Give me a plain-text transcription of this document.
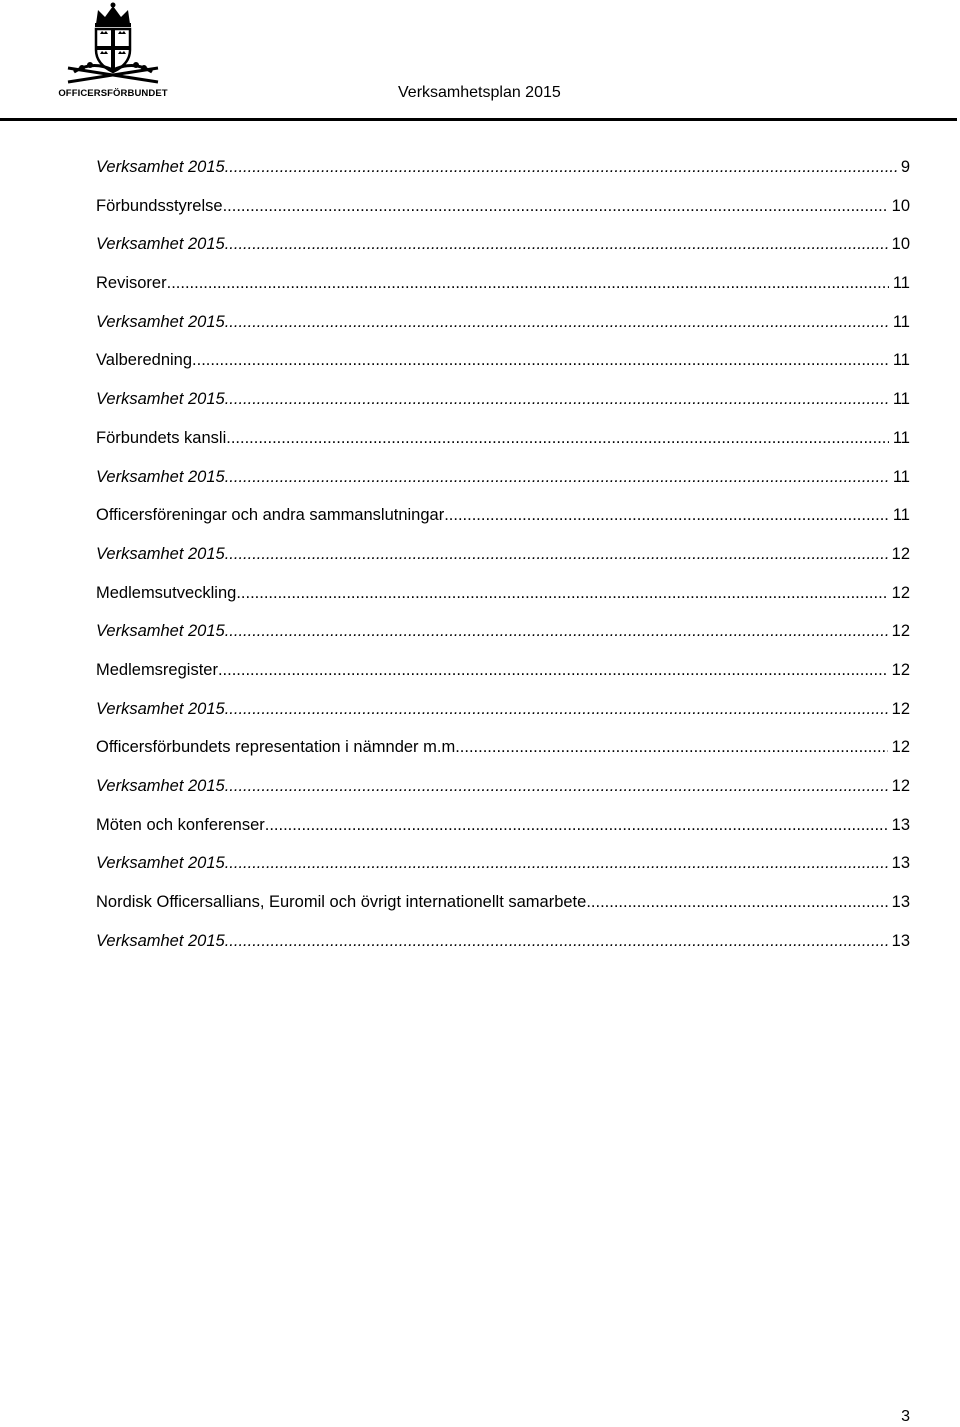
OFFICERSFÖRBUNDET	Verksamhetsplan 2015
Verksamhet 2015 .....	9
Förbundsstyrelse .....	10
Verksamhet 2015 .....	10
Revisorer .....	11
Verksamhet 2015 .....	11
Valberedning .....	11
Verksamhet 2015 .....	11
Förbundets kansli .....	11
Verksamhet 2015 .....	11
Officersföreningar och andra sammanslutningar .....	11
Verksamhet 2015 .....	12
Medlemsutveckling .....	12
Verksamhet 2015 .....	12
Medlemsregister .....	12
Verksamhet 2015 .....	12
Officersförbundets representation i nämnder m.m. .....	12
Verksamhet 2015 .....	12
Möten och konferenser .....	13
Verksamhet 2015 .....	13
Nordisk Officersallians, Euromil och övrigt internationellt samarbete .....	13
Verksamhet 2015 .....	13
3
